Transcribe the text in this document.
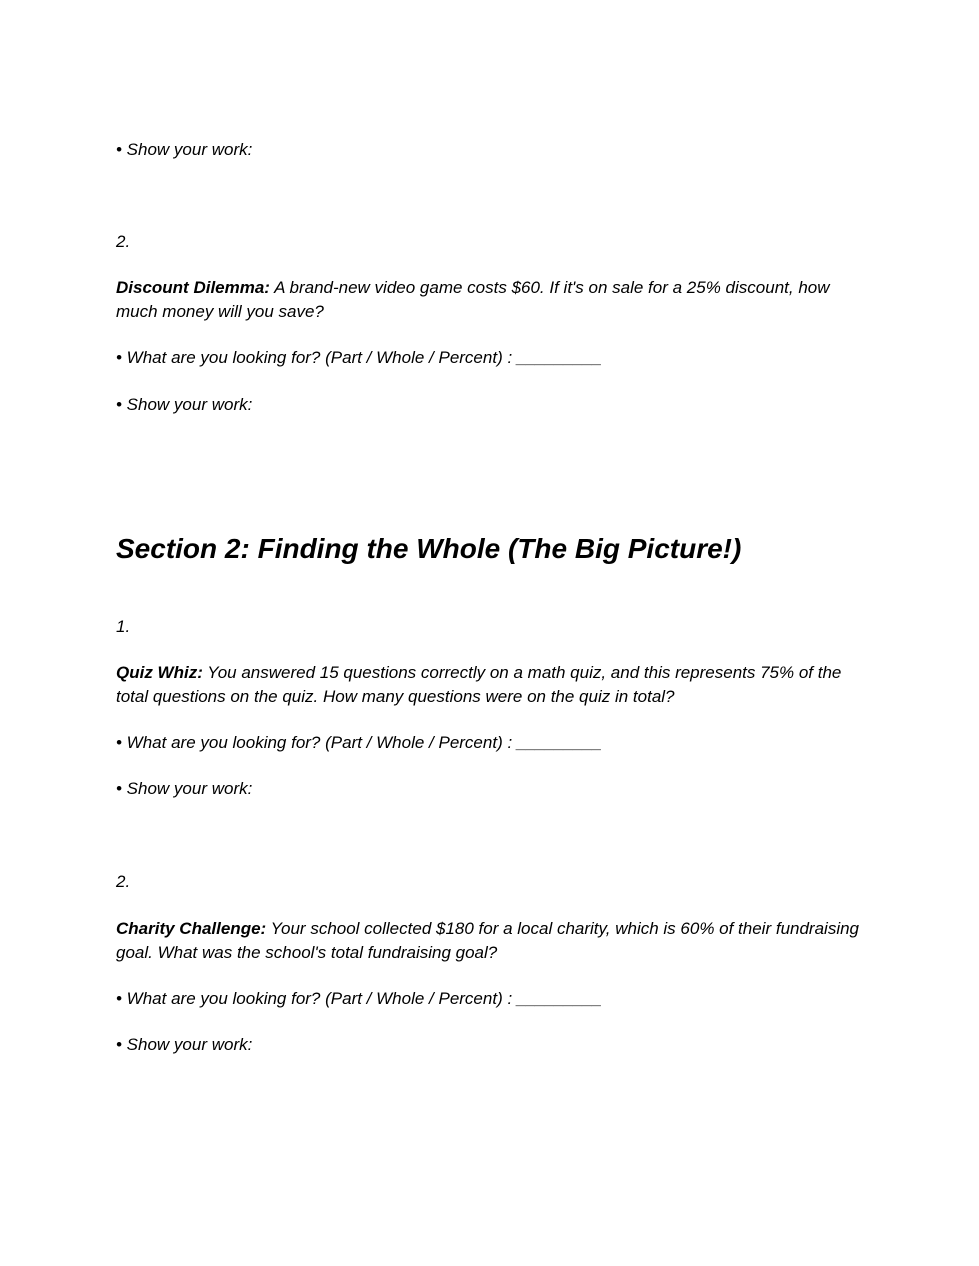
• Show your work:

2.

Discount Dilemma: A brand-new video game costs $60. If it's on sale for a 25% discount, how much money will you save?

• What are you looking for? (Part / Whole / Percent) : _________

• Show your work:

Section 2: Finding the Whole (The Big Picture!)

1.

Quiz Whiz: You answered 15 questions correctly on a math quiz, and this represents 75% of the total questions on the quiz. How many questions were on the quiz in total?

• What are you looking for? (Part / Whole / Percent) : _________

• Show your work:

2.

Charity Challenge: Your school collected $180 for a local charity, which is 60% of their fundraising goal. What was the school's total fundraising goal?

• What are you looking for? (Part / Whole / Percent) : _________

• Show your work:
